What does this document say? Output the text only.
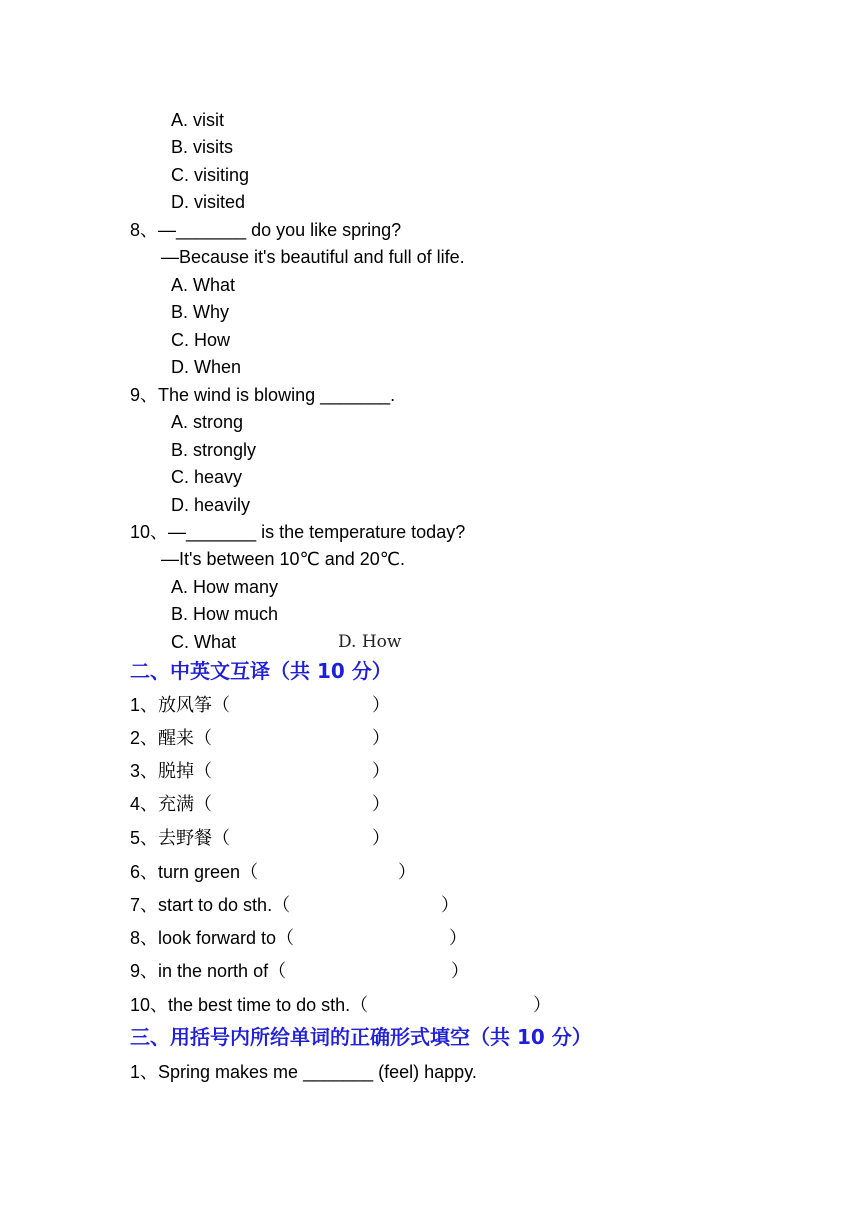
A. visit
B. visits
C. visiting
D. visited
8、—_______ do you like spring?
—Because it's beautiful and full of life.
A. What
B. Why
C. How
D. When
9、The wind is blowing _______.
A. strong
B. strongly
C. heavy
D. heavily
10、—_______ is the temperature today?
—It's between 10℃ and 20℃.
A. How many
B. How much
C. What	D. How
二、中英文互译（共 10 分）
1、放风筝（	）
2、醒来（	）
3、脱掉（	）
4、充满（	）
5、去野餐（	）
6、turn green（	）
7、start to do sth.（	）
8、look forward to（	）
9、in the north of（	）
10、the best time to do sth.（	）
三、用括号内所给单词的正确形式填空（共 10 分）
1、Spring makes me _______ (feel) happy.
